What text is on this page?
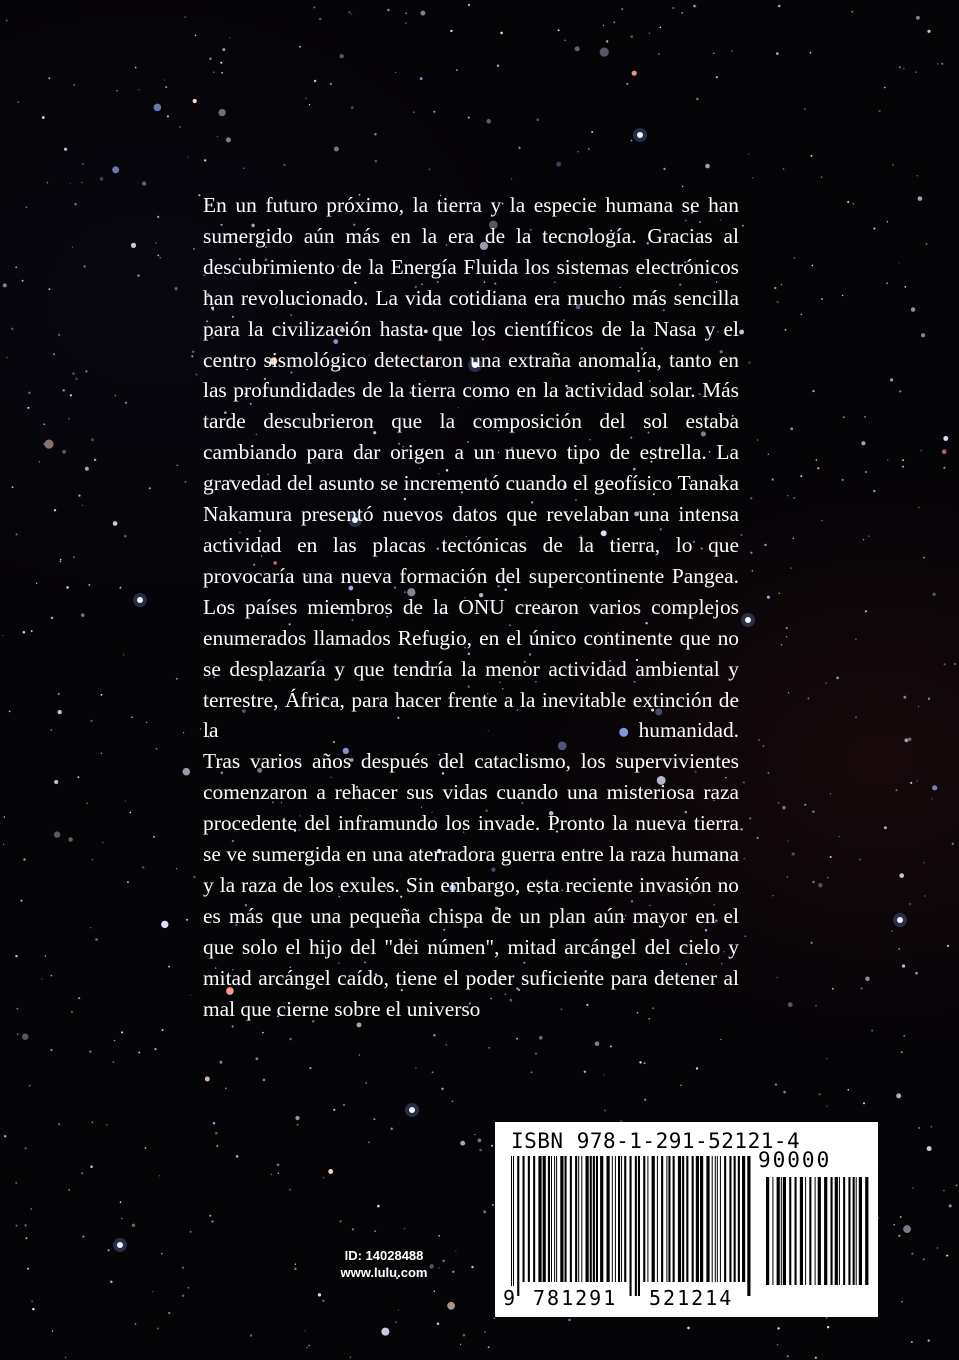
En un futuro próximo, la tierra y la especie humana se han sumergido aún más en la era de la tecnología. Gracias al descubrimiento de la Energía Fluida los sistemas electrónicos han revolucionado. La vida cotidiana era mucho más sencilla para la civilización hasta que los científicos de la Nasa y el centro sismológico detectaron una extraña anomalía, tanto en las profundidades de la tierra como en la actividad solar. Más tarde descubrieron que la composición del sol estaba cambiando para dar origen a un nuevo tipo de estrella. La gravedad del asunto se incrementó cuando el geofísico Tanaka Nakamura presentó nuevos datos que revelaban una intensa actividad en las placas tectónicas de la tierra, lo que provocaría una nueva formación del supercontinente Pangea.

Los países miembros de la ONU crearon varios complejos enumerados llamados Refugio, en el único continente que no se desplazaría y que tendría la menor actividad ambiental y terrestre, África, para hacer frente a la inevitable extinción de la humanidad.

Tras varios años después del cataclismo, los supervivientes comenzaron a rehacer sus vidas cuando una misteriosa raza procedente del inframundo los invade. Pronto la nueva tierra se ve sumergida en una aterradora guerra entre la raza humana y la raza de los exules. Sin embargo, esta reciente invasión no es más que una pequeña chispa de un plan aún mayor en el que solo el hijo del "dei númen", mitad arcángel del cielo y mitad arcángel caído, tiene el poder suficiente para detener al mal que cierne sobre el universo

ID: 14028488
www.lulu.com
ISBN 978-1-291-52121-4
90000
9 781291 521214
